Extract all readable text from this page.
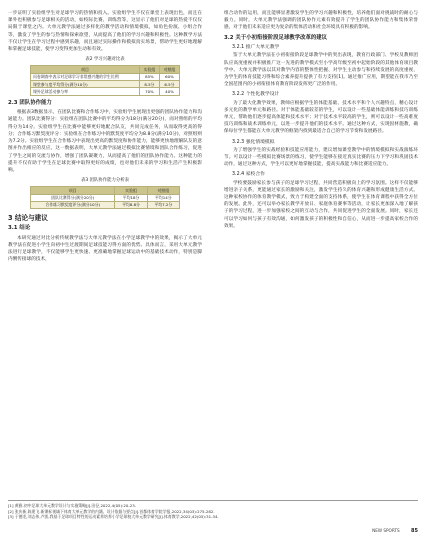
一步证明了实验组学生对足球学习的热情和投入。实验组学生不仅在课堂上表现出色，而且在课外也积极参与足球相关的活动，如校际比赛、训练营等，这显示了他们对足球的热爱不仅仅局限于课堂之内。大单元教学法通过多样化的教学活动和情境模拟，如角色扮演、小组合作等，激发了学生的参与热情和探索欲望，从而提高了他们的学习兴趣和积极性。这种教学方法不仅让学生在学习过程中感到乐趣，而且通过实际操作和模拟真实场景，帮助学生更好地理解和掌握足球技能，使学习变得更加生动和有效。

表2 学习兴趣对比表
项目	实验组	对照组
问卷调查中表示对足球学习非常感兴趣的学生比例	85%	60%
课堂参与度平均得分(满分10分)	8.5分	6.5分
课外足球活动参与率	70%	40%
2.3 团队协作能力

根据表3数据显示，在团队比赛和合作练习中，实验组学生展现出更强的团队协作能力和沟通能力。团队比赛得分：实验组在团队比赛中的平均得分为18分(满分20分)，而对照组的平均得分为14分。实验组学生在比赛中能够更好地配合队友，共同完成任务，从而取得更高的得分；合作练习默契度评分：实验组在合作练习中的默契度平均分为8.8分(满分10分)，对照组则为7.2分。实验组学生在合作练习中表现出更高的默契度和协作能力，能够更快地理解队友的意图并作出相应的反应。这一数据表明，大单元教学法通过模拟比赛情境和团队合作练习，促进了学生之间的交流与协作，增强了团队凝聚力，从而提高了他们的团队协作能力。这种能力的提升不仅有助于学生在足球比赛中取得更好的成绩，也对他们未来的学习和生活产生积极影响。

表3 团队协作能力分析表
项目	实验组	对照组
团队比赛得分(满分20分)	平均18分	平均14分
合作练习默契度评分(满分10分)	平均8.8分	平均7.2分
3 结论与建议
3.1 结论

本研究通过对比分析传统教学法与大单元教学法在小学足球教学中的效果，揭示了大单元教学法在促进小学生向初中生过渡期间足球技能习得方面的优势。具体而言，采用大单元教学法进行足球教学，不仅能够学生更快速、更准确地掌握足球运动中的基础技术动作，特别是脚内侧传接球的技术，

组合动作的运用，而且能够显著激发学生的学习兴趣和积极性，培养他们面对挑战时的耐心与毅力。同时，大单元教学法强调的团队协作元素有效提升了学生的团队协作能力和集体荣誉感，对于他们未来适应更为复杂的集体活动和社会环境具有积极的影响。

3.2 关于小初衔接阶段足球教学改革的建议
3.2.1 推广大单元教学

鉴于大单元教学法在小初衔接阶段足球教学中的突出表现，教育行政部门、学校及教师团队应高度重视并积极推广这一先进的教学模式至小学高年级至初中起始阶段的其他体育项目教学中。大单元教学法以其对教学内容的整体性把握、对学生主动参与和持续发展的高度重视，为学生的体育技能习得和综合素养提升提供了有力支持[1]。通过推广应用，期望能在我市乃至全国范围内的小初衔接体育教育阶段发挥更广泛的作用。

3.2.2 个性化教学设计

为了最大化教学效果，教师应根据学生的体能基础、技术水平和个人兴趣特点，精心设计多元化的教学单元和路径。对于体能基础较差的学生，可以设计一些基础体能训练和技巧训练单元，帮助他们逐步提高体能和技术水平；对于技术水平较高的学生，则可以设计一些高难度技巧训练和战术训练单元，以进一步提升他们的技术水平。通过这种方式，实现因材施教，确保每位学生都能在大单元教学的框架内找到最适合自己的学习节奏和发展路径。

3.2.3 强化情境模拟

为了增强学生的实战经验和技能应用能力，建议增加课堂教学中的情境模拟和实战演练环节。可以设计一些模拟比赛场景的练习，使学生能够在接近真实比赛的压力下学习和巩固技术动作，通过这种方式，学生可以更好地掌握技能，提高实战能力和比赛适应能力。

3.2.4 家校合作

学校要鼓励家长参与孩子的足球学习过程，共同营造积极向上的学习氛围。这样不仅能够增进亲子关系，更能通过家长的激励和关注，激发学生持久的体育兴趣和形成健康生活方式。这种家校协作的体育教学模式，致力于构建全面的支持体系，使学生在体育课程中获得全方位的发展。此外，还可以举办家长教学开放日、家庭体育赛事等活动，让家长更加深入地了解孩子的学习过程，进一步加强家校之间的互动与合作，共同促进学生的全面发展。同时，家长还可以学习如何与孩子有效沟通，如何激发孩子的积极性和自信心，从而进一步提高家校合作的效果。

[1] 黄雅.初中足球大单元教学设计与实施策略[J].田径,2022,4(05):20-23.
[2] 张庆新,陈建飞.新课标视域下体育大单元教学的内涵、设计依据与要点[J].首都体育学院学报,2022,34(03):275-282.
[3] 于德龙,刘志伟,卢凯.我基于足球项目特性的运动素养培养小学足球校大单元教学研究[J].体育教学,2022,42(05):31-34.
NEW SPORTS 85
